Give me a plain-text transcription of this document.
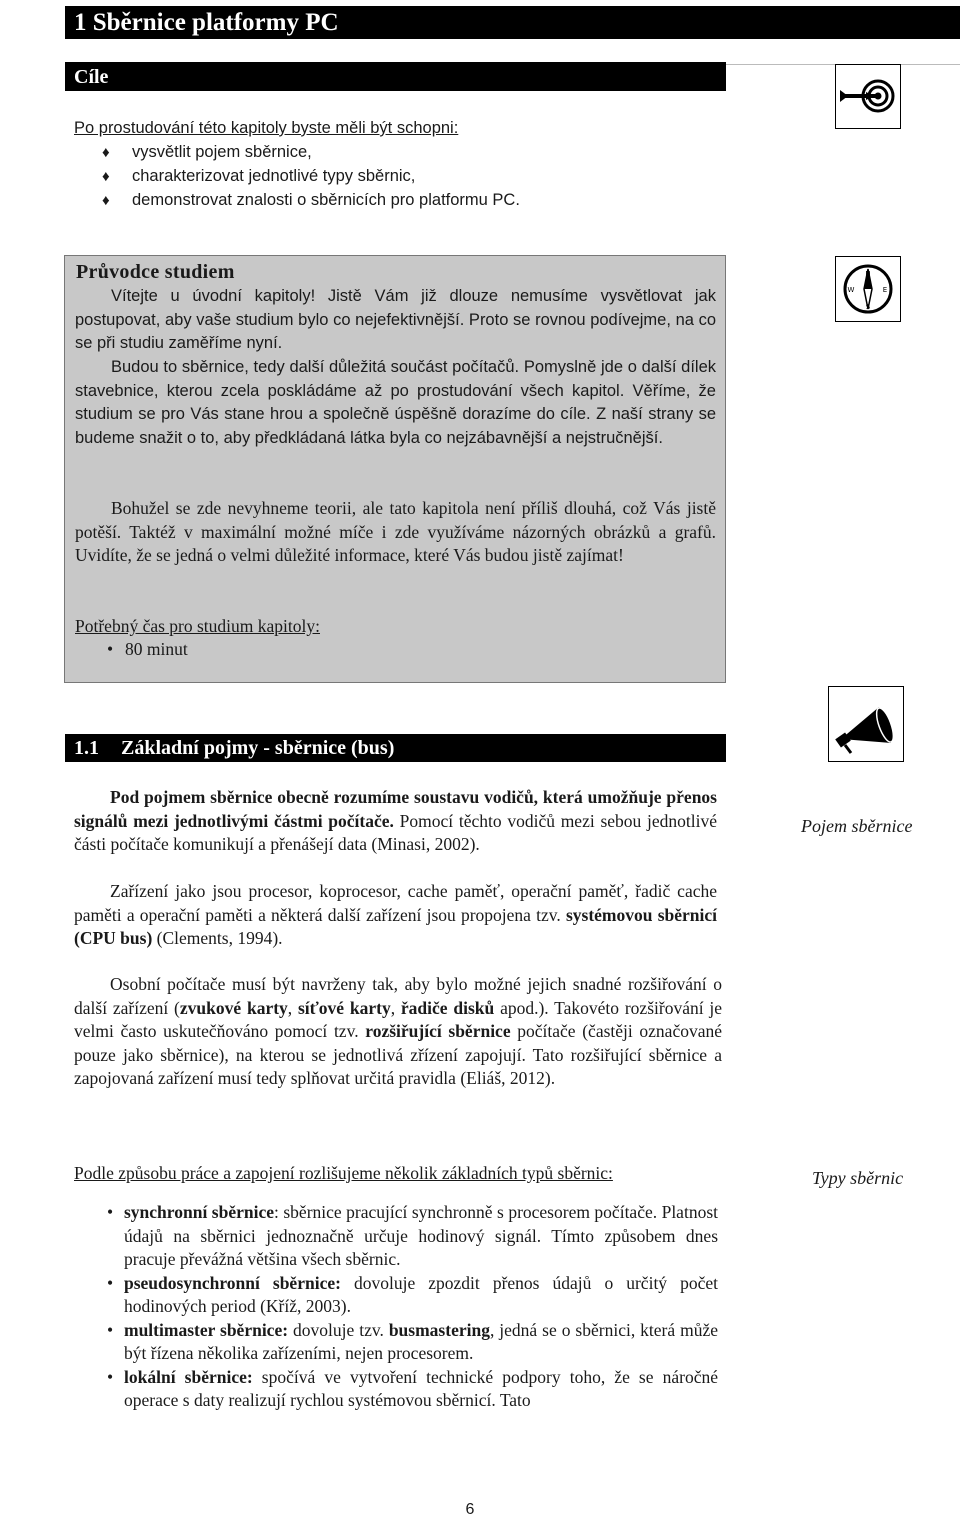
1 Sběrnice platformy PC
Cíle
Po prostudování této kapitoly byste měli být schopni:
♦ vysvětlit pojem sběrnice,
♦ charakterizovat jednotlivé typy sběrnic,
♦ demonstrovat znalosti o sběrnicích pro platformu PC.
Průvodce studiem
Vítejte u úvodní kapitoly! Jistě Vám již dlouze nemusíme vysvětlovat jak postupovat, aby vaše studium bylo co nejefektivnější. Proto se rovnou podívejme, na co se při studiu zaměříme nyní.
Budou to sběrnice, tedy další důležitá součást počítačů. Pomyslně jde o další dílek stavebnice, kterou zcela poskládáme až po prostudování všech kapitol. Věříme, že studium se pro Vás stane hrou a společně úspěšně dorazíme do cíle. Z naší strany se budeme snažit o to, aby předkládaná látka byla co nejzábavnější a nejstručnější.
Bohužel se zde nevyhneme teorii, ale tato kapitola není příliš dlouhá, což Vás jistě potěší. Taktéž v maximální možné míče i zde využíváme názorných obrázků a grafů. Uvidíte, že se jedná o velmi důležité informace, které Vás budou jistě zajímat!
Potřebný čas pro studium kapitoly:
• 80 minut
N
W	E
S
1.1 Základní pojmy - sběrnice (bus)
Pod pojmem sběrnice obecně rozumíme soustavu vodičů, která umožňuje přenos signálů mezi jednotlivými částmi počítače. Pomocí těchto vodičů mezi sebou jednotlivé části počítače komunikují a přenášejí data (Minasi, 2002).
Zařízení jako jsou procesor, koprocesor, cache paměť, operační paměť, řadič cache paměti a operační paměti a některá další zařízení jsou propojena tzv. systémovou sběrnicí (CPU bus) (Clements, 1994).
Osobní počítače musí být navrženy tak, aby bylo možné jejich snadné rozšiřování o další zařízení (zvukové karty, síťové karty, řadiče disků apod.). Takovéto rozšiřování je velmi často uskutečňováno pomocí tzv. rozšiřující sběrnice počítače (častěji označované pouze jako sběrnice), na kterou se jednotlivá zřízení zapojují. Tato rozšiřující sběrnice a zapojovaná zařízení musí tedy splňovat určitá pravidla (Eliáš, 2012).
Podle způsobu práce a zapojení rozlišujeme několik základních typů sběrnic:
• synchronní sběrnice: sběrnice pracující synchronně s procesorem počítače. Platnost údajů na sběrnici jednoznačně určuje hodinový signál. Tímto způsobem dnes pracuje převážná většina všech sběrnic.
• pseudosynchronní sběrnice: dovoluje zpozdit přenos údajů o určitý počet hodinových period (Kříž, 2003).
• multimaster sběrnice: dovoluje tzv. busmastering, jedná se o sběrnici, která může být řízena několika zařízeními, nejen procesorem.
• lokální sběrnice: spočívá ve vytvoření technické podpory toho, že se náročné operace s daty realizují rychlou systémovou sběrnicí. Tato
Pojem sběrnice
Typy sběrnic
6
